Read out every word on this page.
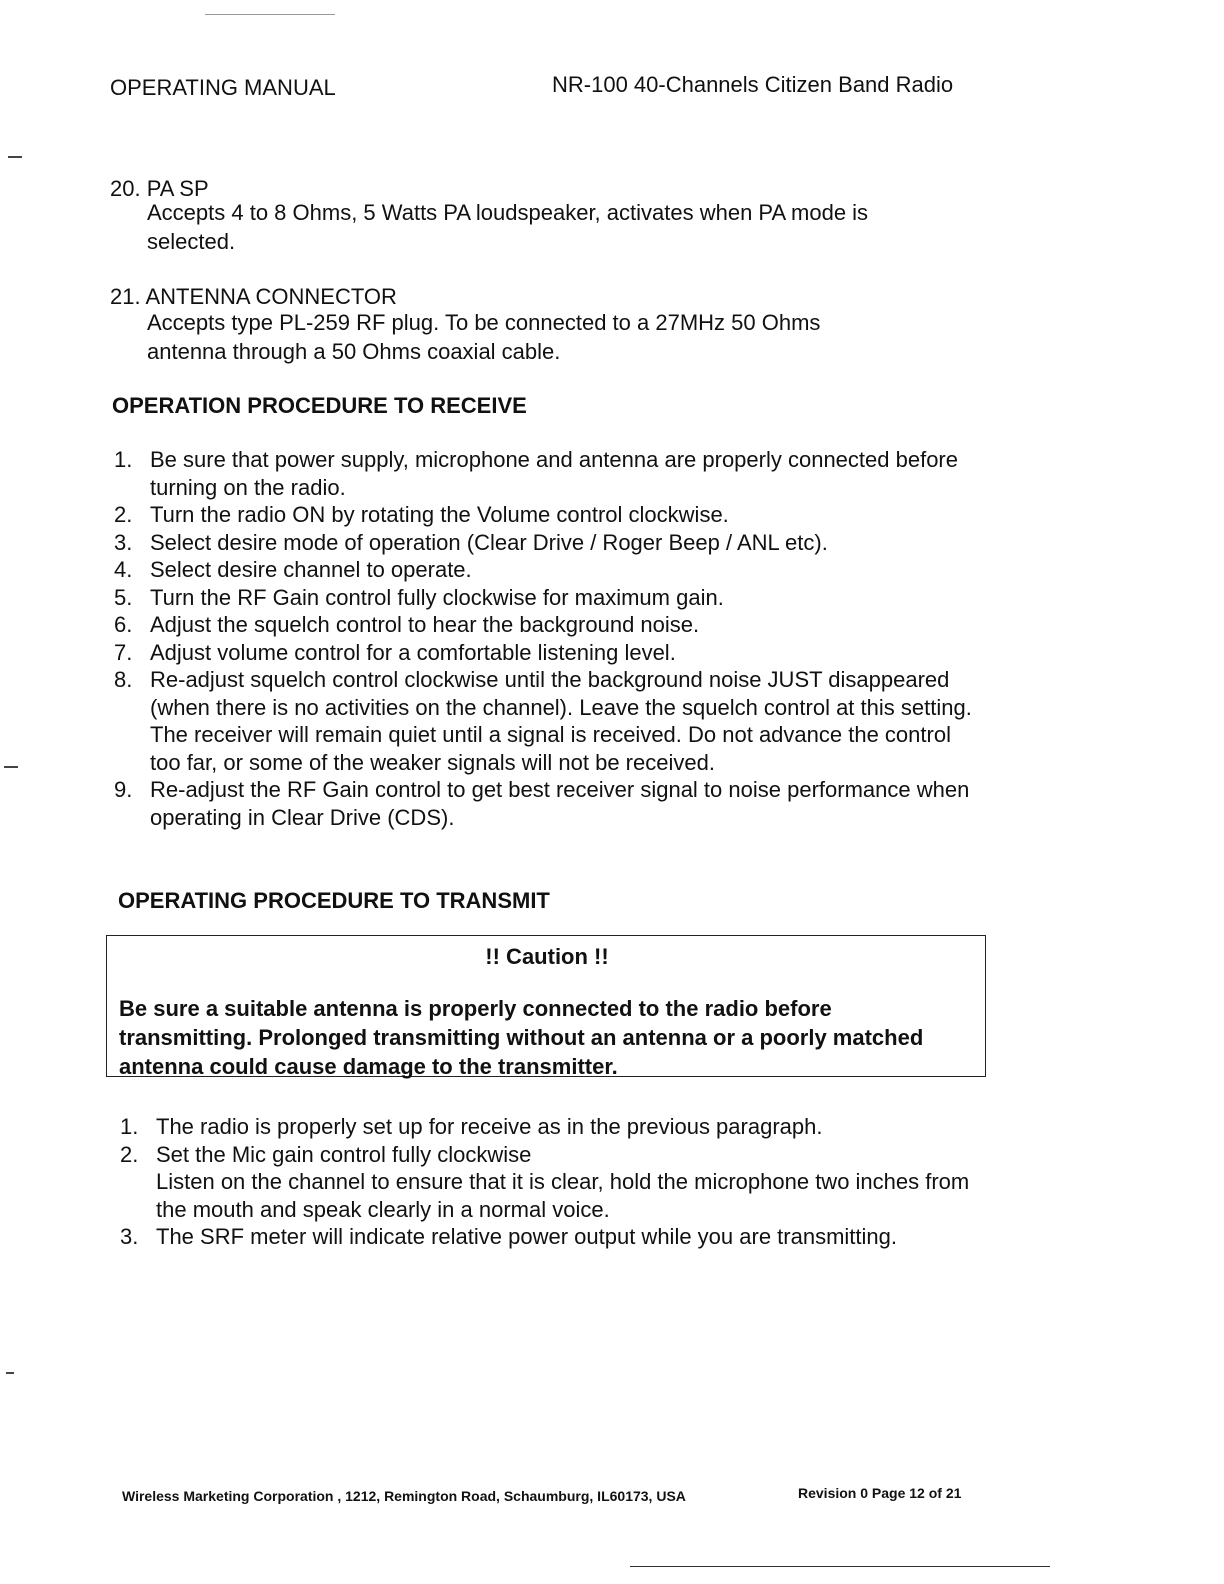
OPERATING MANUAL	NR-100 40-Channels Citizen Band Radio
20. PA SP
Accepts 4 to 8 Ohms, 5 Watts PA loudspeaker, activates when PA mode is selected.
21. ANTENNA CONNECTOR
Accepts type PL-259 RF plug. To be connected to a 27MHz 50 Ohms antenna through a 50 Ohms coaxial cable.
OPERATION PROCEDURE TO RECEIVE
1. Be sure that power supply, microphone and antenna are properly connected before turning on the radio.
2. Turn the radio ON by rotating the Volume control clockwise.
3. Select desire mode of operation (Clear Drive / Roger Beep / ANL etc).
4. Select desire channel to operate.
5. Turn the RF Gain control fully clockwise for maximum gain.
6. Adjust the squelch control to hear the background noise.
7. Adjust volume control for a comfortable listening level.
8. Re-adjust squelch control clockwise until the background noise JUST disappeared (when there is no activities on the channel). Leave the squelch control at this setting. The receiver will remain quiet until a signal is received. Do not advance the control too far, or some of the weaker signals will not be received.
9. Re-adjust the RF Gain control to get best receiver signal to noise performance when operating in Clear Drive (CDS).
OPERATING PROCEDURE TO TRANSMIT
!! Caution !!
Be sure a suitable antenna is properly connected to the radio before transmitting. Prolonged transmitting without an antenna or a poorly matched antenna could cause damage to the transmitter.
1. The radio is properly set up for receive as in the previous paragraph.
2. Set the Mic gain control fully clockwise
Listen on the channel to ensure that it is clear, hold the microphone two inches from the mouth and speak clearly in a normal voice.
3. The SRF meter will indicate relative power output while you are transmitting.
Wireless Marketing Corporation , 1212, Remington Road, Schaumburg, IL60173, USA	Revision 0 Page 12 of 21
